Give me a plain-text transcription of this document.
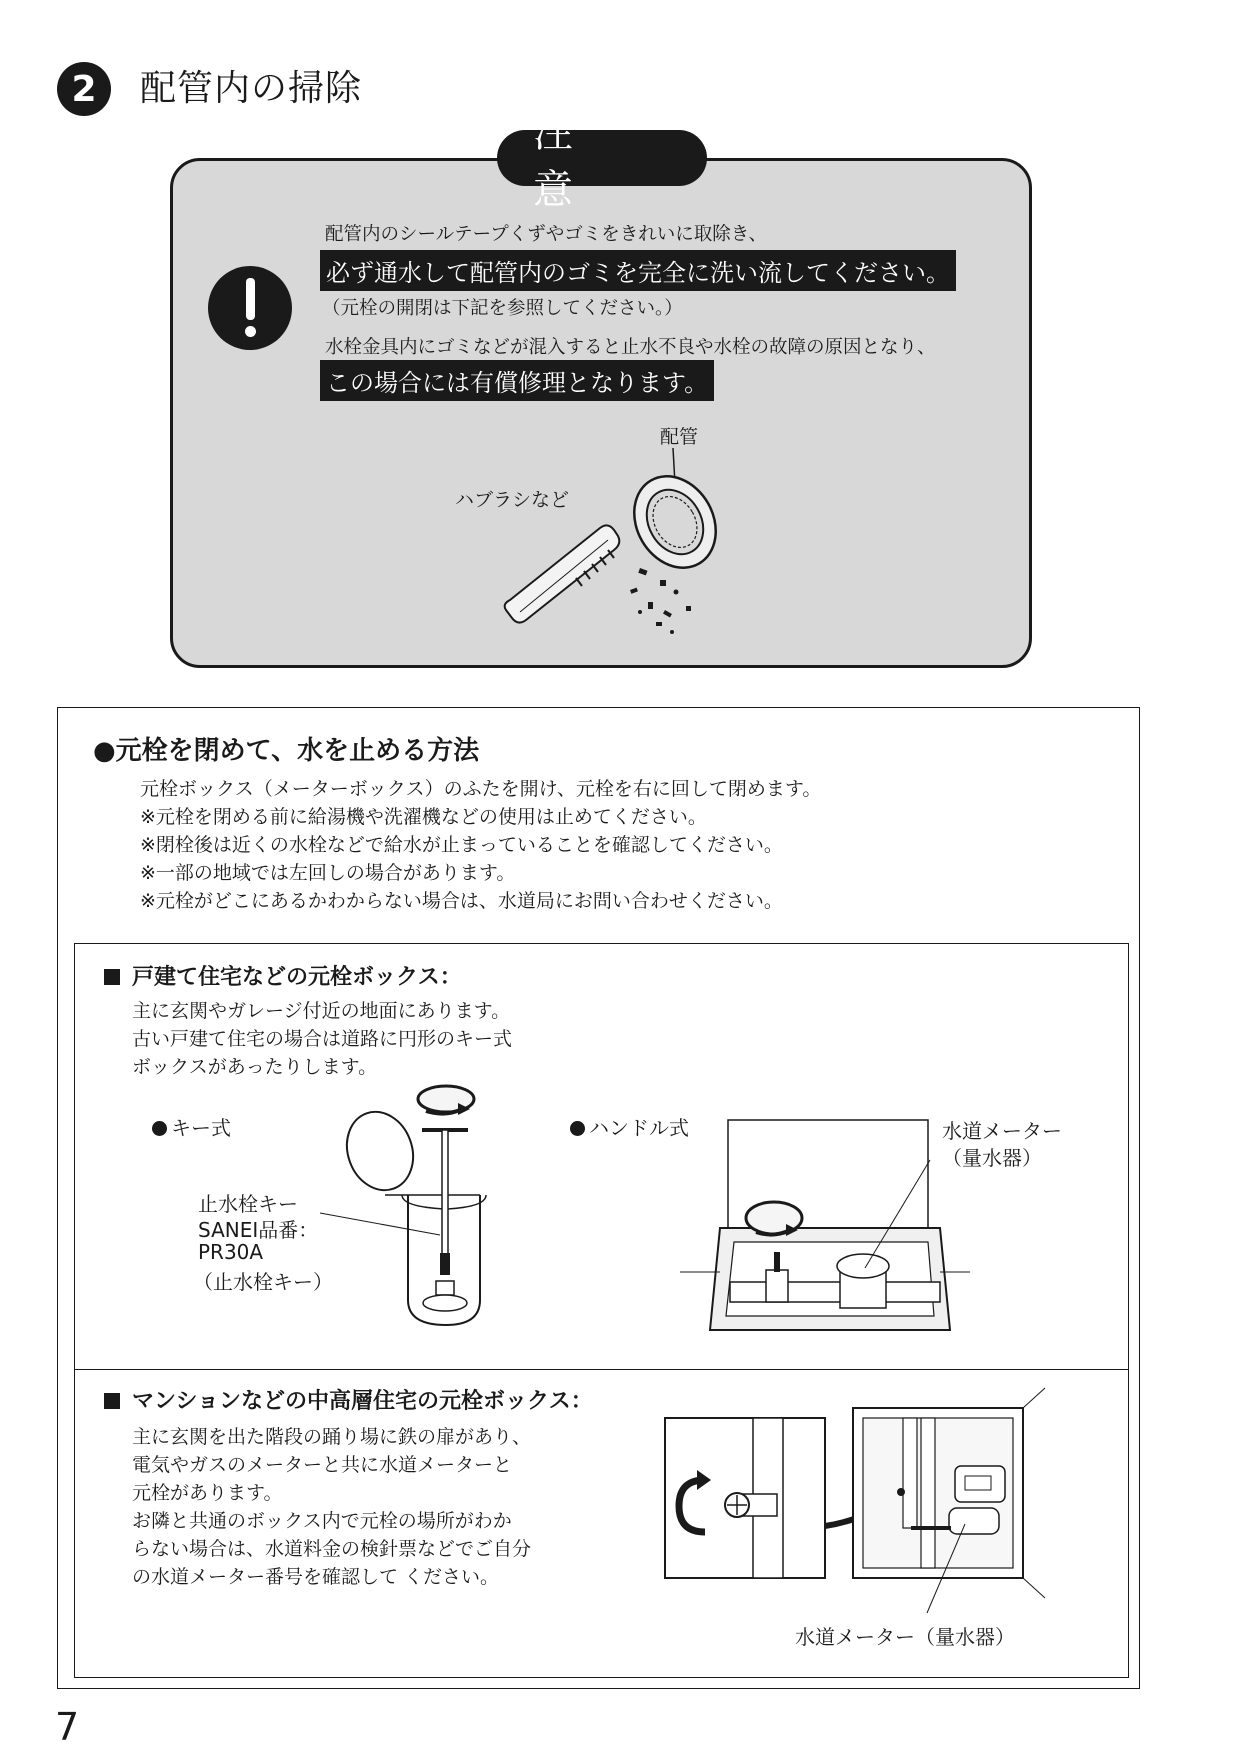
2 配管内の掃除
注
配管内のシールテープくずやゴミをきれいに取除き、
必ず通水して配管内のゴミを完全に洗い流してください。
（元栓の開閉は下記を参照してください。）
水栓金具内にゴミなどが混入すると止水不良や水栓の故障の原因となり、
この場合には有償修理となります。
配管
ハブラシなど
●元栓を閉めて、水を止める方法
元栓ボックス（メーターボックス）のふたを開け、元栓を右に回して閉めます。
※元栓を閉める前に給湯機や洗濯機などの使用は止めてください。
※閉栓後は近くの水栓などで給水が止まっていることを確認してください。
※一部の地域では左回しの場合があります。
※元栓がどこにあるかわからない場合は、水道局にお問い合わせください。
戸建て住宅などの元栓ボックス：
主に玄関やガレージ付近の地面にあります。
古い戸建て住宅の場合は道路に円形のキー式
ボックスがあったりします。
キー式	ハンドル式
止水栓キー
SANEI品番：
PR30A
（止水栓キー）
水道メーター
（量水器）
マンションなどの中高層住宅の元栓ボックス：
主に玄関を出た階段の踊り場に鉄の扉があり、
電気やガスのメーターと共に水道メーターと
元栓があります。
お隣と共通のボックス内で元栓の場所がわか
らない場合は、水道料金の検針票などでご自分
の水道メーター番号を確認して ください。
水道メーター（量水器）
7
